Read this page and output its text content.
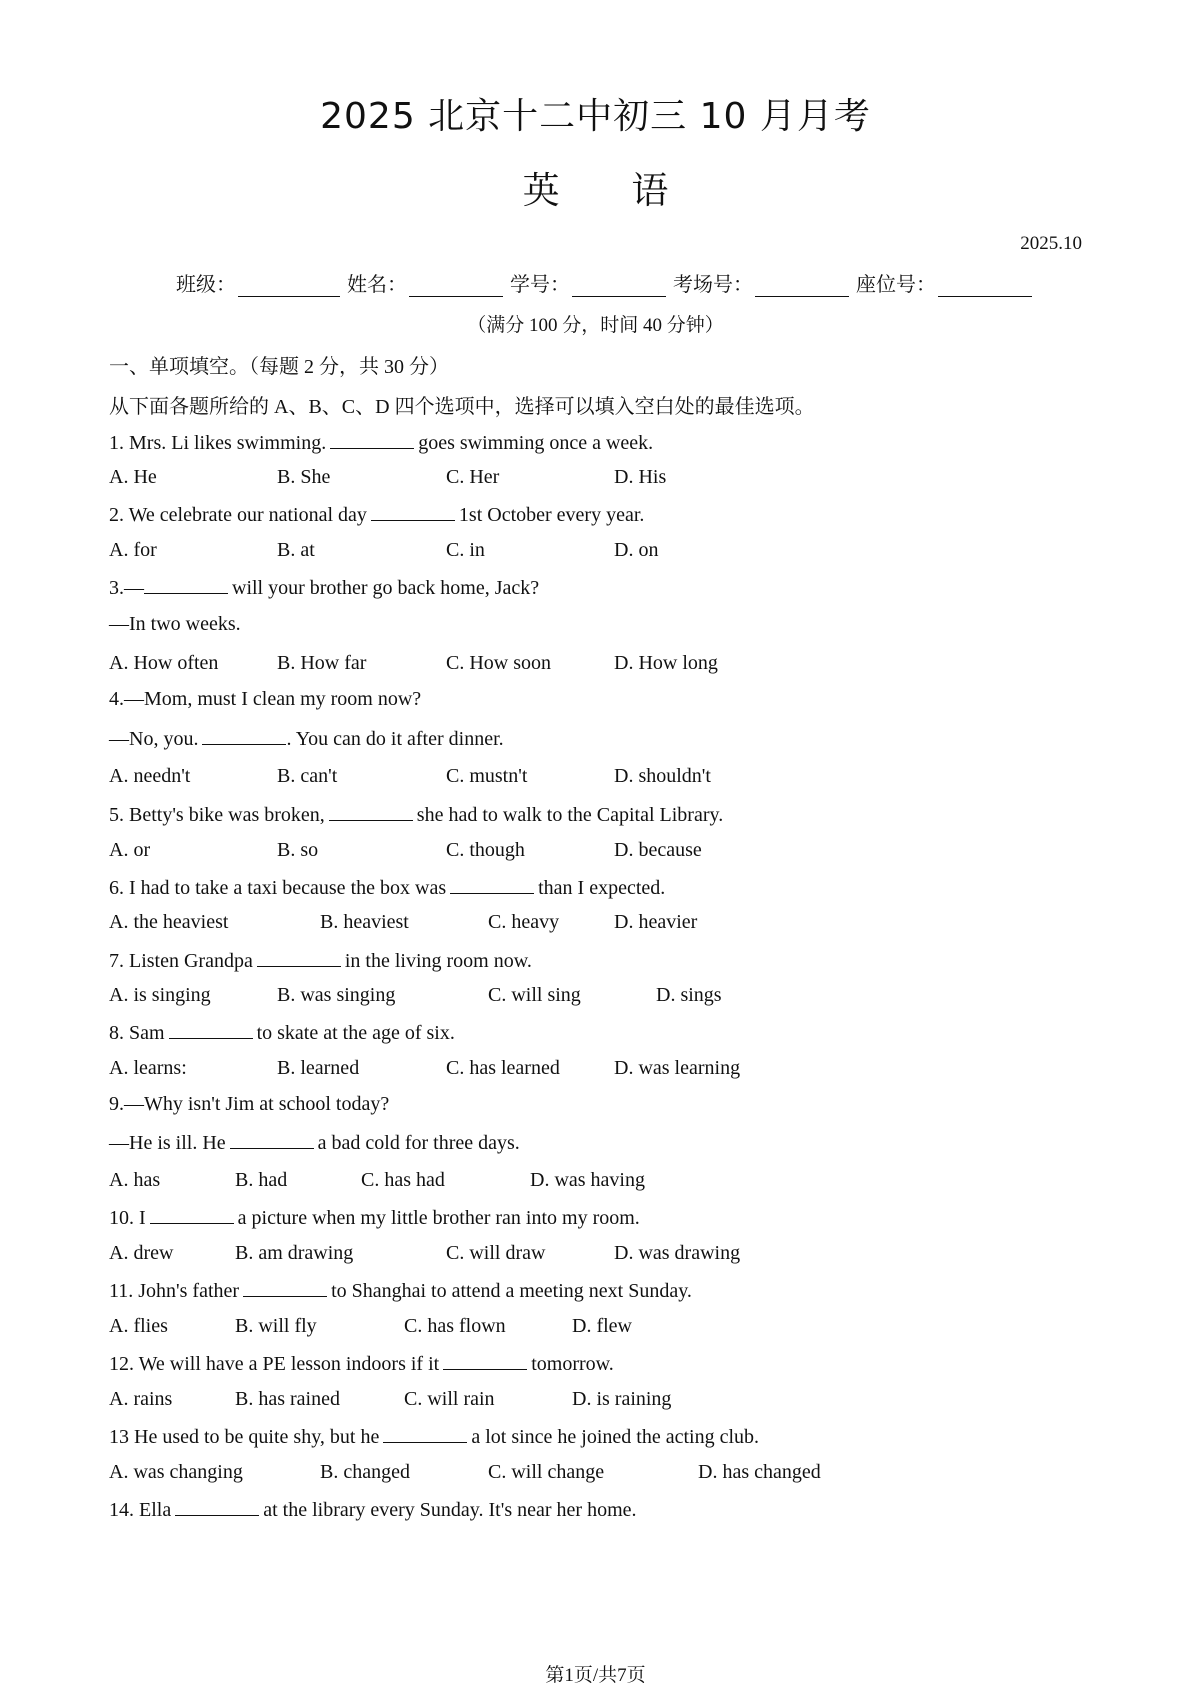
2025 北京十二中初三 10 月月考
英 语
2025.10
班级：	姓名：	学号：	考场号：	座位号：
（满分 100 分，时间 40 分钟）
一、单项填空。（每题 2 分，共 30 分）
从下面各题所给的 A、B、C、D 四个选项中，选择可以填入空白处的最佳选项。
1. Mrs. Li likes swimming.	goes swimming once a week.
A. He	B. She	C. Her	D. His
2. We celebrate our national day	1st October every year.
A. for	B. at	C. in	D. on
3.—	will your brother go back home, Jack?
—In two weeks.
A. How often	B. How far	C. How soon	D. How long
4.—Mom, must I clean my room now?
—No, you.	. You can do it after dinner.
A. needn't	B. can't	C. mustn't	D. shouldn't
5. Betty's bike was broken,	she had to walk to the Capital Library.
A. or	B. so	C. though	D. because
6. I had to take a taxi because the box was	than I expected.
A. the heaviest	B. heaviest	C. heavy	D. heavier
7. Listen Grandpa	in the living room now.
A. is singing	B. was singing	C. will sing	D. sings
8. Sam	to skate at the age of six.
A. learns:	B. learned	C. has learned	D. was learning
9.—Why isn't Jim at school today?
—He is ill. He	a bad cold for three days.
A. has	B. had	C. has had	D. was having
10. I	a picture when my little brother ran into my room.
A. drew	B. am drawing	C. will draw	D. was drawing
11. John's father	to Shanghai to attend a meeting next Sunday.
A. flies	B. will fly	C. has flown	D. flew
12. We will have a PE lesson indoors if it	tomorrow.
A. rains	B. has rained	C. will rain	D. is raining
13 He used to be quite shy, but he	a lot since he joined the acting club.
A. was changing	B. changed	C. will change	D. has changed
14. Ella	at the library every Sunday. It's near her home.
第1页/共7页
